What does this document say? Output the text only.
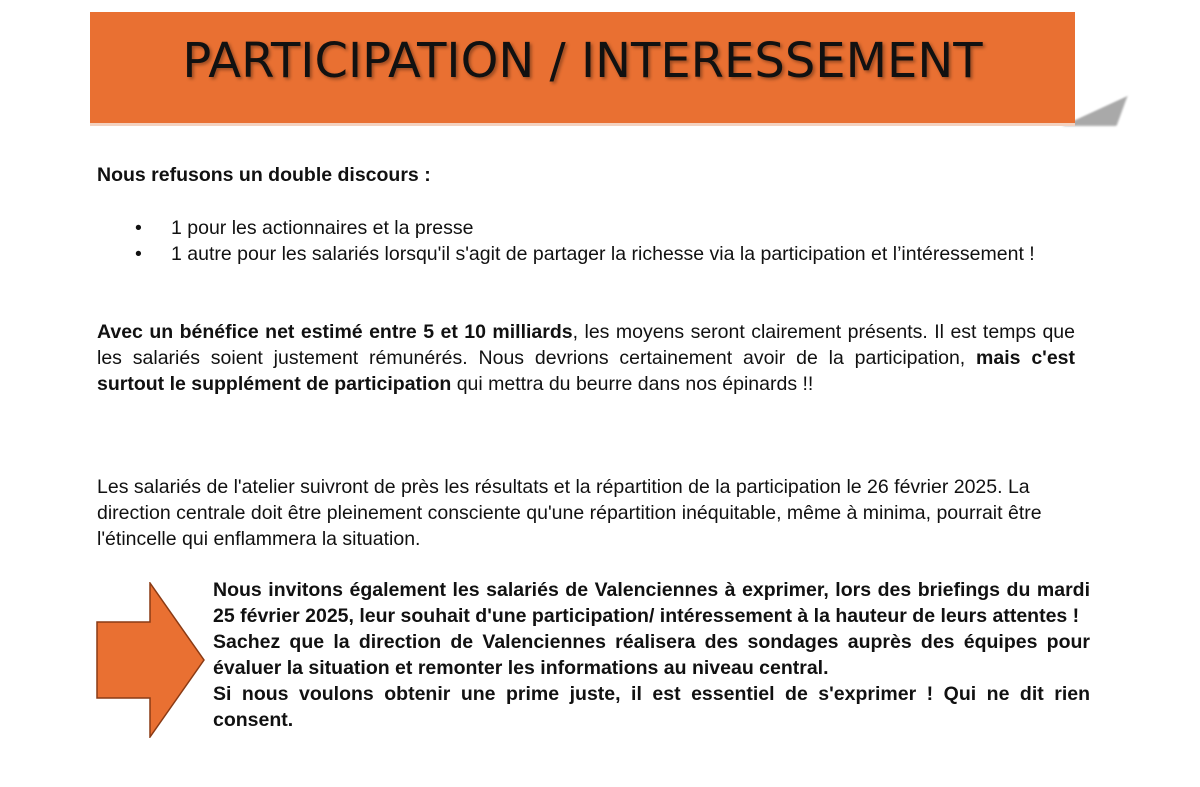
PARTICIPATION / INTERESSEMENT
Nous refusons un double discours :
• 1 pour les actionnaires et la presse
• 1 autre pour les salariés lorsqu'il s'agit de partager la richesse via la participation et l’intéressement !
Avec un bénéfice net estimé entre 5 et 10 milliards, les moyens seront clairement présents. Il est temps que les salariés soient justement rémunérés. Nous devrions certainement avoir de la participation, mais c'est surtout le supplément de participation qui mettra du beurre dans nos épinards !!
Les salariés de l'atelier suivront de près les résultats et la répartition de la participation le 26 février 2025. La direction centrale doit être pleinement consciente qu'une répartition inéquitable, même à minima, pourrait être l'étincelle qui enflammera la situation.

Nous invitons également les salariés de Valenciennes à exprimer, lors des briefings du mardi 25 février 2025, leur souhait d'une participation/ intéressement à la hauteur de leurs attentes !

Sachez que la direction de Valenciennes réalisera des sondages auprès des équipes pour évaluer la situation et remonter les informations au niveau central.

Si nous voulons obtenir une prime juste, il est essentiel de s'exprimer ! Qui ne dit rien consent.
